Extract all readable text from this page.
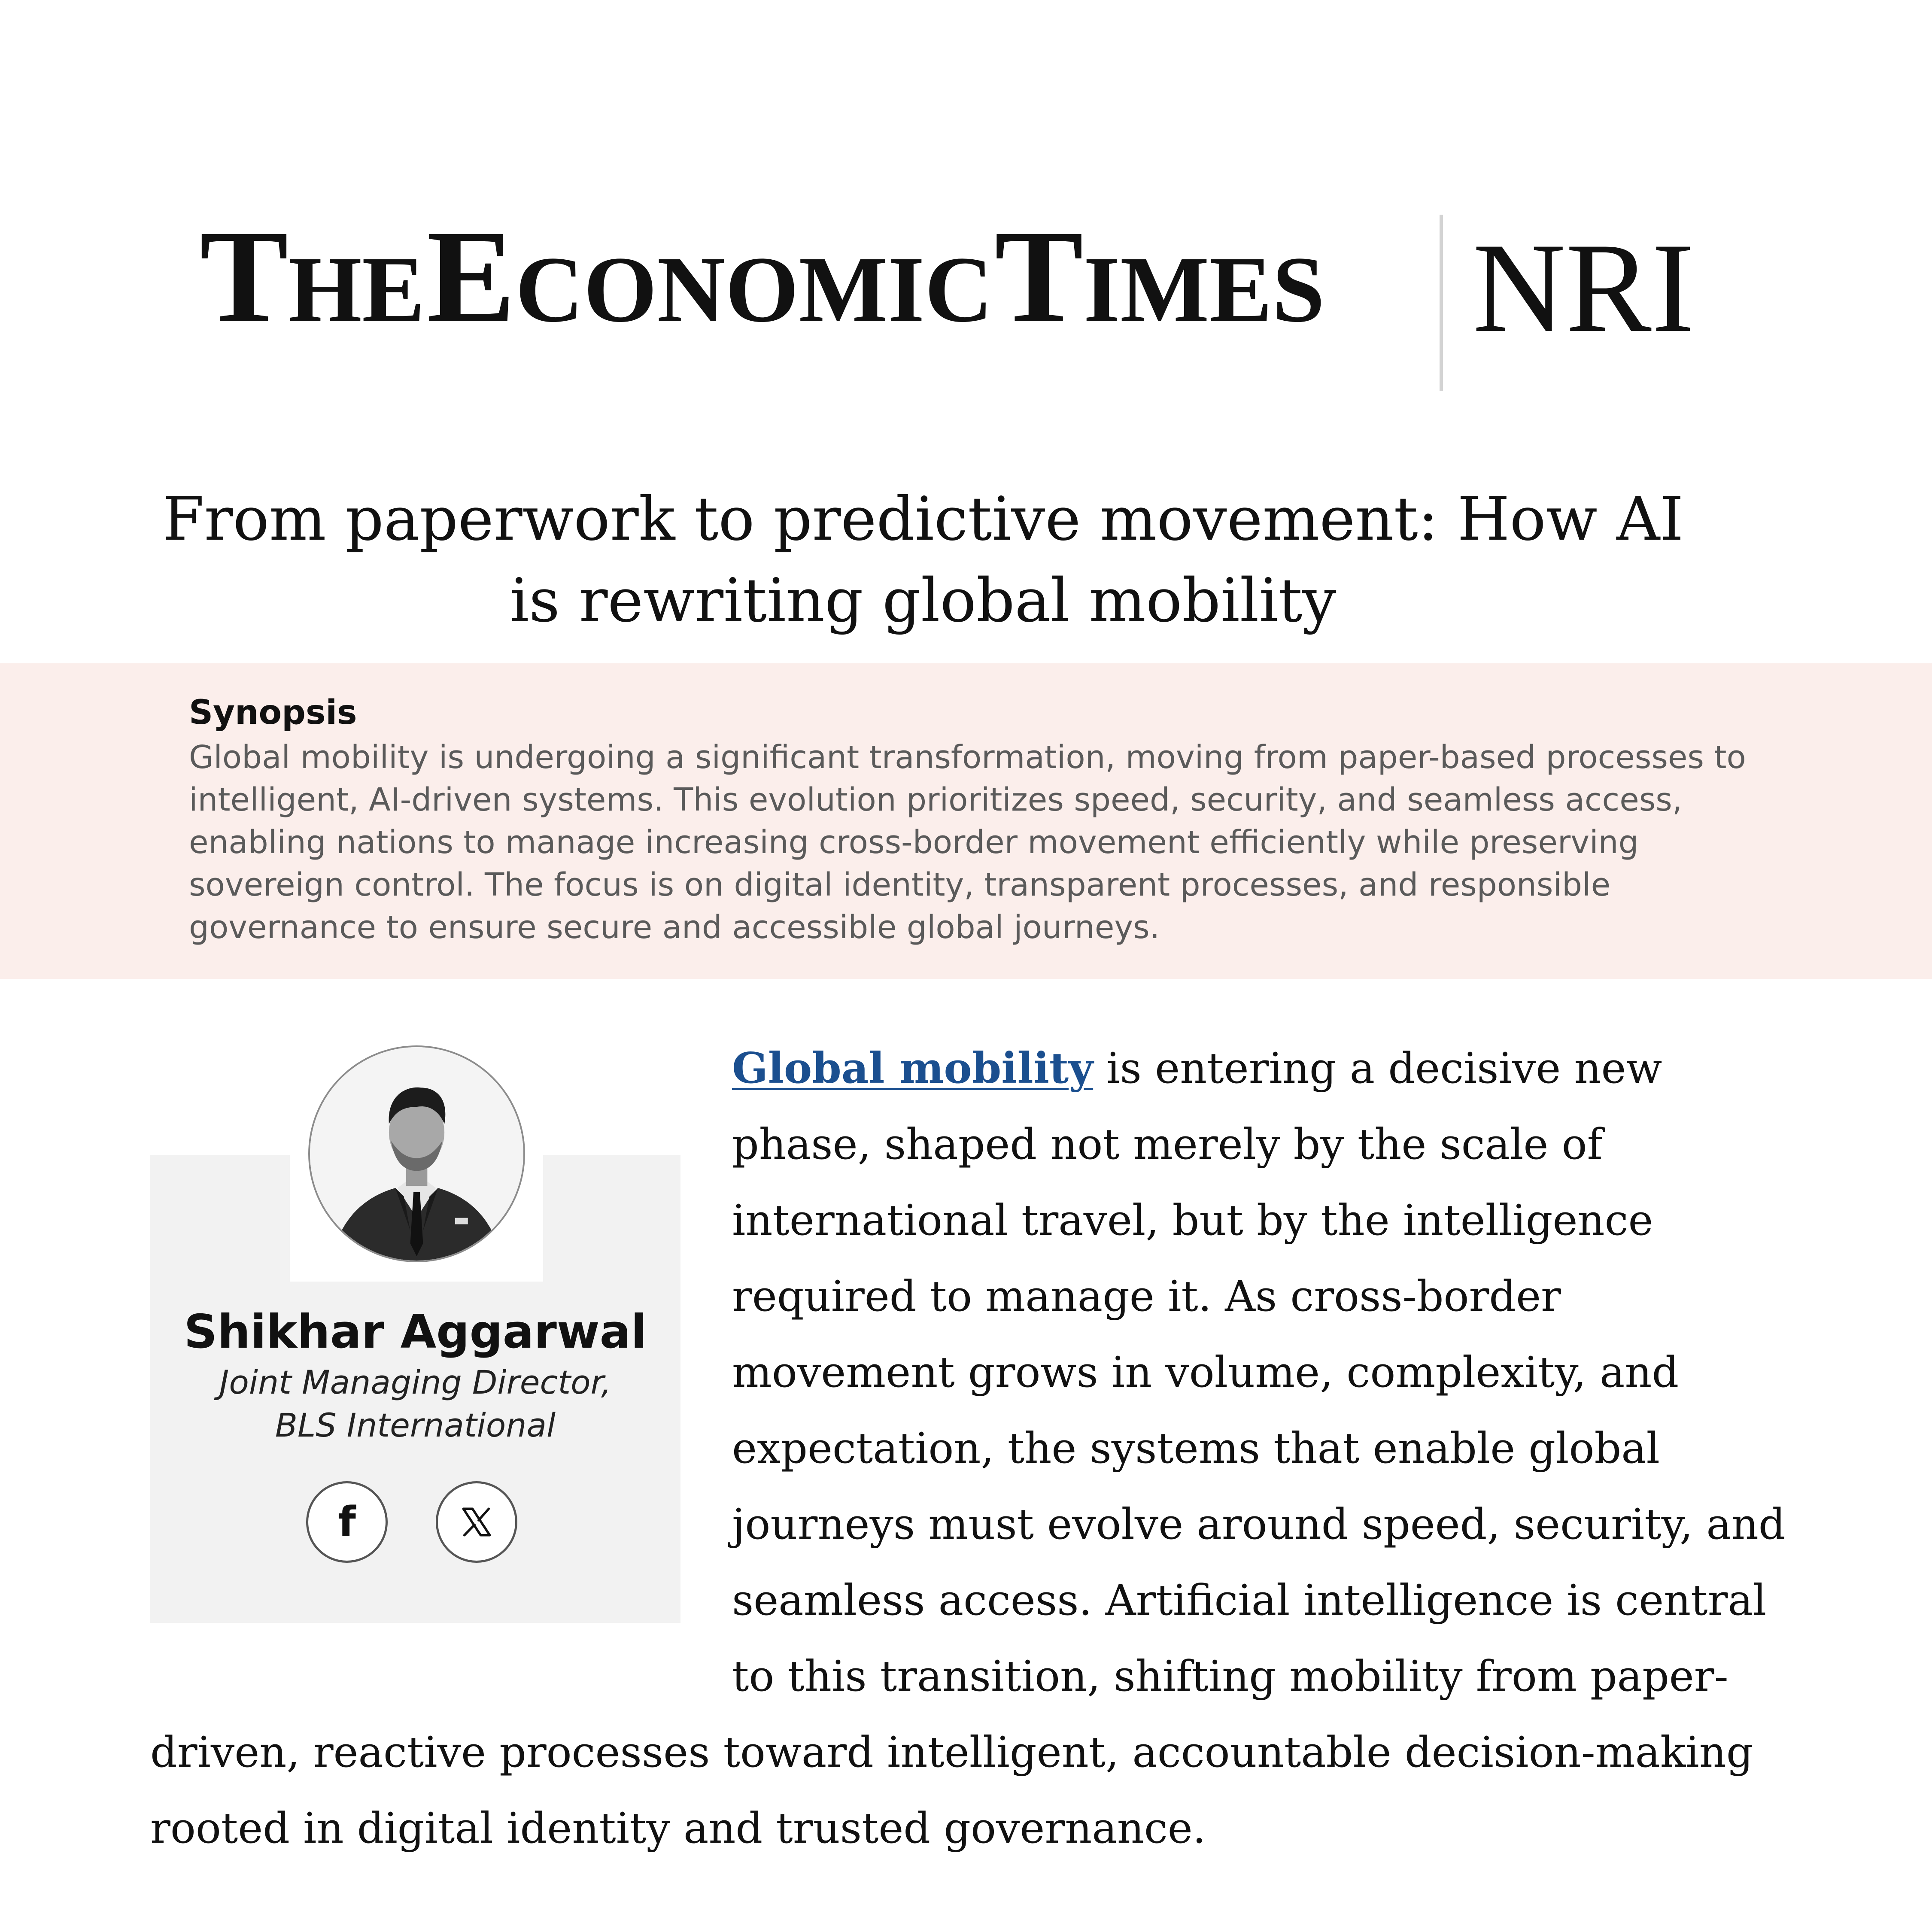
THE ECONOMIC TIMES	NRI
From paperwork to predictive movement: How AI is rewriting global mobility
Synopsis
Global mobility is undergoing a significant transformation, moving from paper-based processes to intelligent, AI-driven systems. This evolution prioritizes speed, security, and seamless access, enabling nations to manage increasing cross-border movement efficiently while preserving sovereign control. The focus is on digital identity, transparent processes, and responsible governance to ensure secure and accessible global journeys.
Shikhar Aggarwal
Joint Managing Director,
BLS International
f

Global mobility is entering a decisive new phase, shaped not merely by the scale of international travel, but by the intelligence required to manage it. As cross-border movement grows in volume, complexity, and expectation, the systems that enable global journeys must evolve around speed, security, and seamless access. Artificial intelligence is central to this transition, shifting mobility from paper-driven, reactive processes toward intelligent, accountable decision-making rooted in digital identity and trusted governance.
